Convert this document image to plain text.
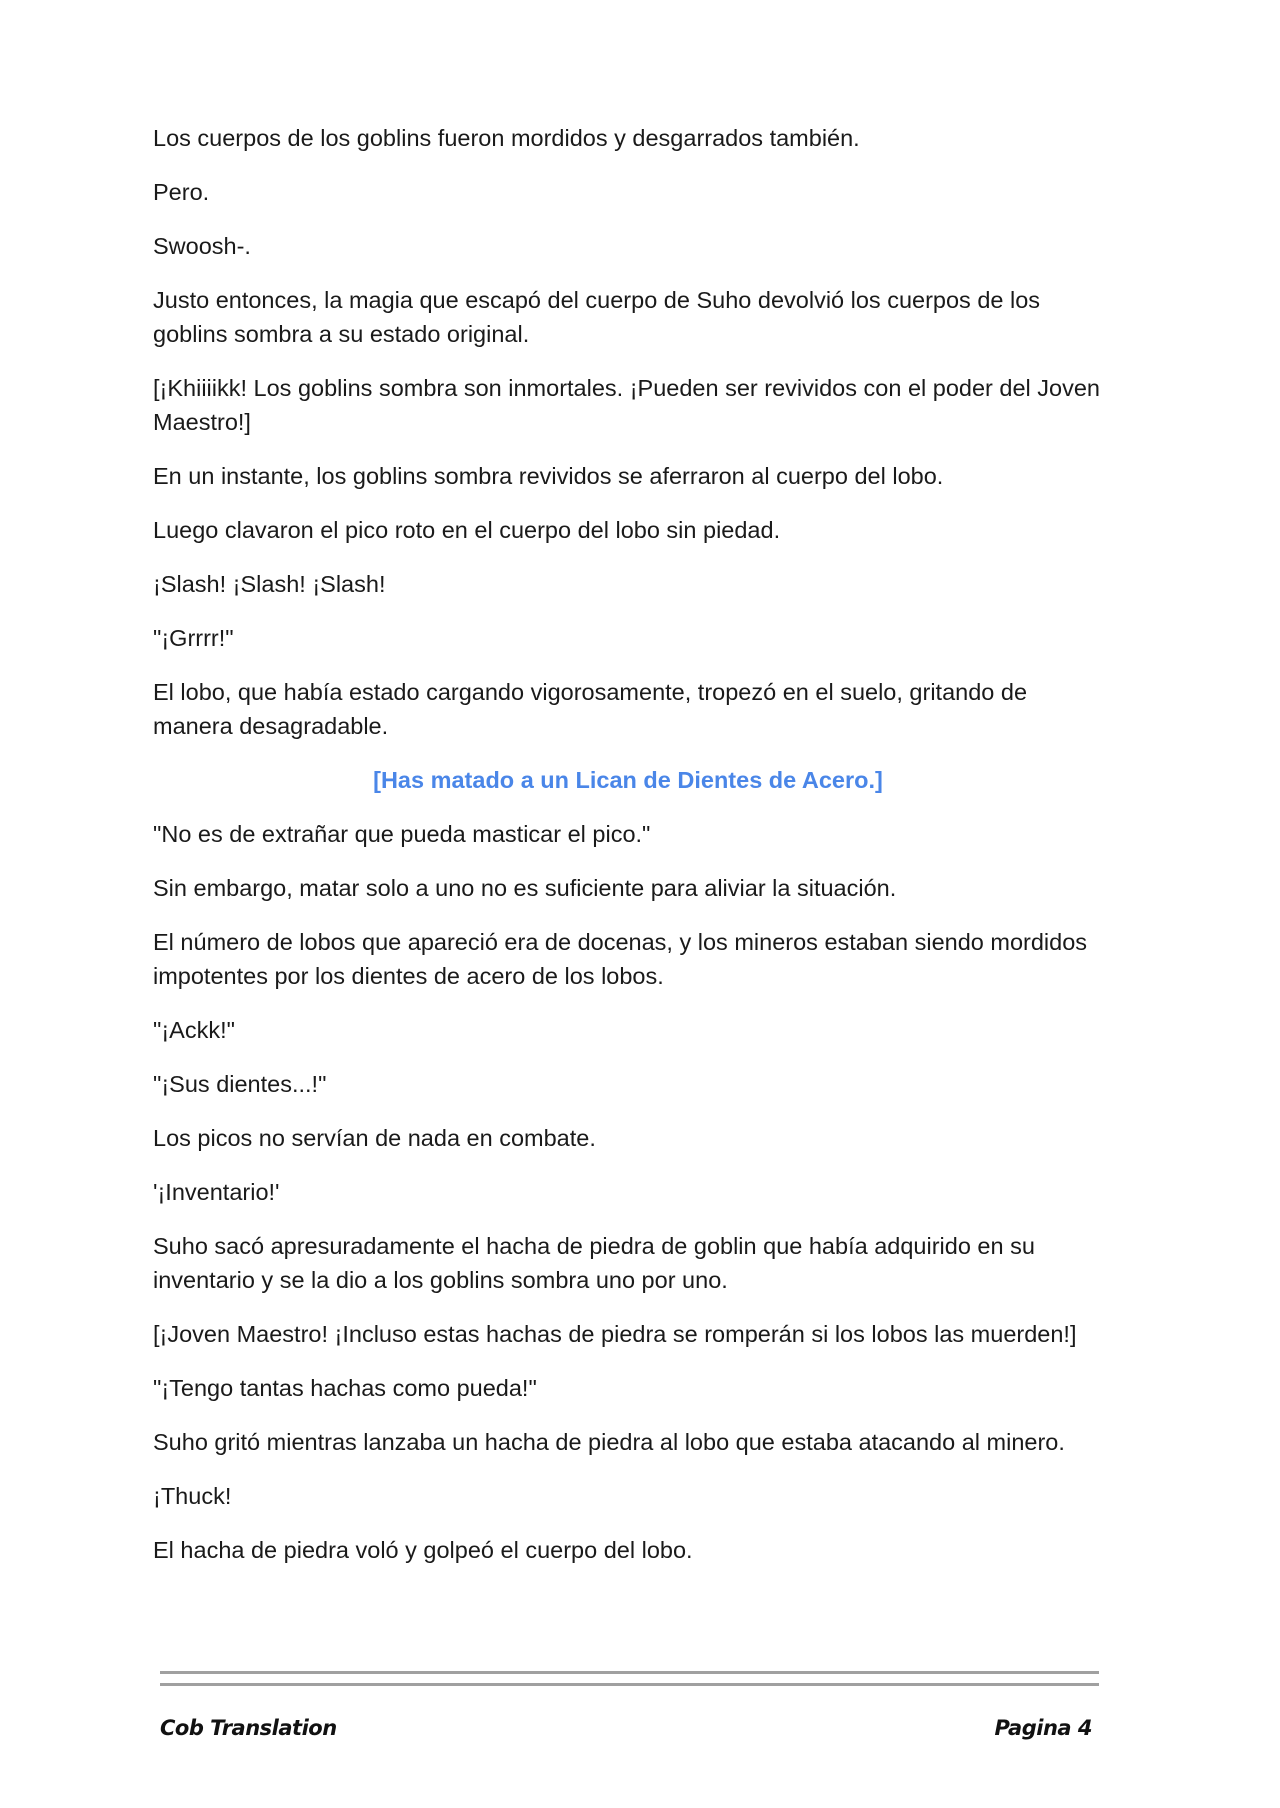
Los cuerpos de los goblins fueron mordidos y desgarrados también.

Pero.

Swoosh-.

Justo entonces, la magia que escapó del cuerpo de Suho devolvió los cuerpos de los goblins sombra a su estado original.

[¡Khiiiikk! Los goblins sombra son inmortales. ¡Pueden ser revividos con el poder del Joven Maestro!]

En un instante, los goblins sombra revividos se aferraron al cuerpo del lobo.

Luego clavaron el pico roto en el cuerpo del lobo sin piedad.

¡Slash! ¡Slash! ¡Slash!

"¡Grrrr!"

El lobo, que había estado cargando vigorosamente, tropezó en el suelo, gritando de manera desagradable.

[Has matado a un Lican de Dientes de Acero.]

"No es de extrañar que pueda masticar el pico."

Sin embargo, matar solo a uno no es suficiente para aliviar la situación.

El número de lobos que apareció era de docenas, y los mineros estaban siendo mordidos impotentes por los dientes de acero de los lobos.

"¡Ackk!"

"¡Sus dientes...!"

Los picos no servían de nada en combate.

'¡Inventario!'

Suho sacó apresuradamente el hacha de piedra de goblin que había adquirido en su inventario y se la dio a los goblins sombra uno por uno.

[¡Joven Maestro! ¡Incluso estas hachas de piedra se romperán si los lobos las muerden!]

"¡Tengo tantas hachas como pueda!"

Suho gritó mientras lanzaba un hacha de piedra al lobo que estaba atacando al minero.

¡Thuck!

El hacha de piedra voló y golpeó el cuerpo del lobo.

Cob Translation	Pagina 4
